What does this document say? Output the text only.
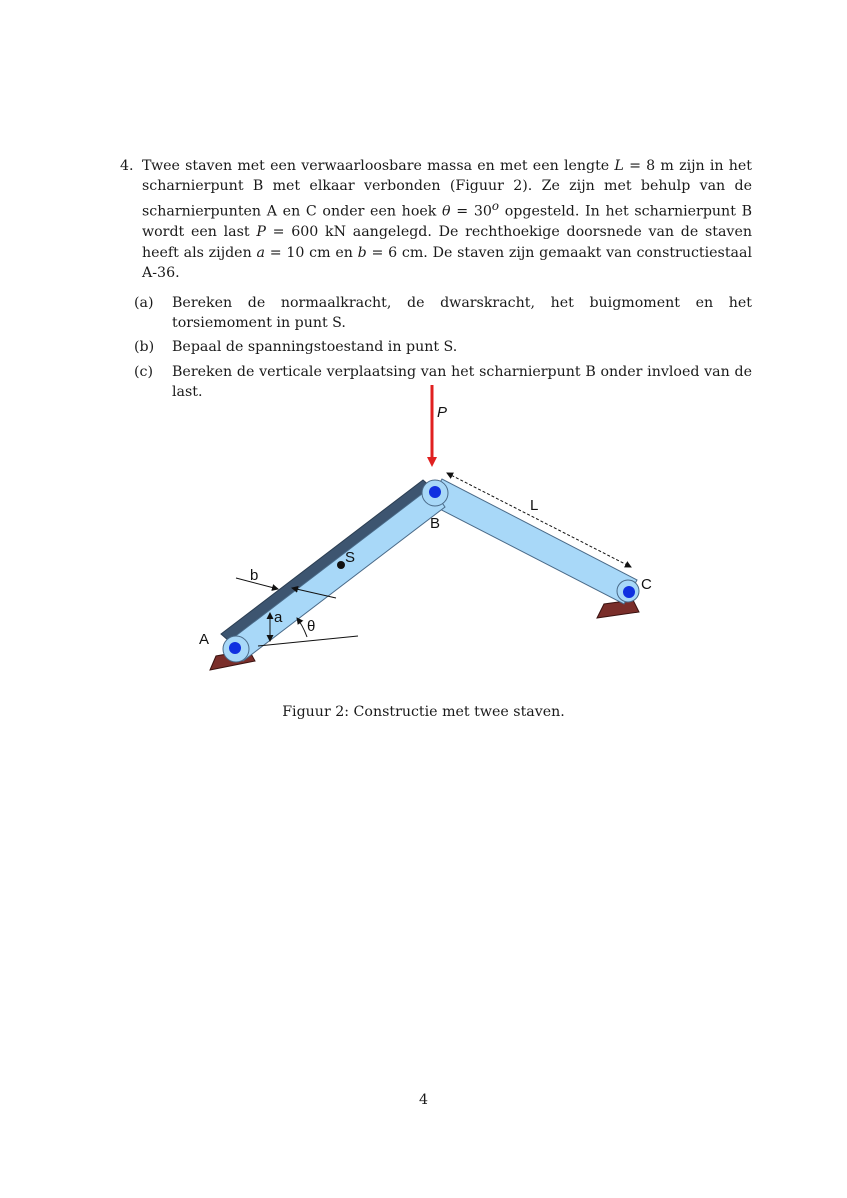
4. Twee staven met een verwaarloosbare massa en met een lengte L = 8 m zijn in het scharnierpunt B met elkaar verbonden (Figuur 2). Ze zijn met behulp van de scharnierpunten A en C onder een hoek $\theta = 30^o$ opgesteld. In het scharnierpunt B wordt een last P = 600 kN aangelegd. De rechthoekige doorsnede van de staven heeft als zijden a = 10 cm en b = 6 cm. De staven zijn gemaakt van constructiestaal A-36.
(a) Bereken de normaalkracht, de dwarskracht, het buigmoment en het torsiemoment in punt S.
(b) Bepaal de spanningstoestand in punt S.
(c) Bereken de verticale verplaatsing van het scharnierpunt B onder invloed van de last.
P
L
B
S
b
a
θ
A
C
Figuur 2: Constructie met twee staven.
4
